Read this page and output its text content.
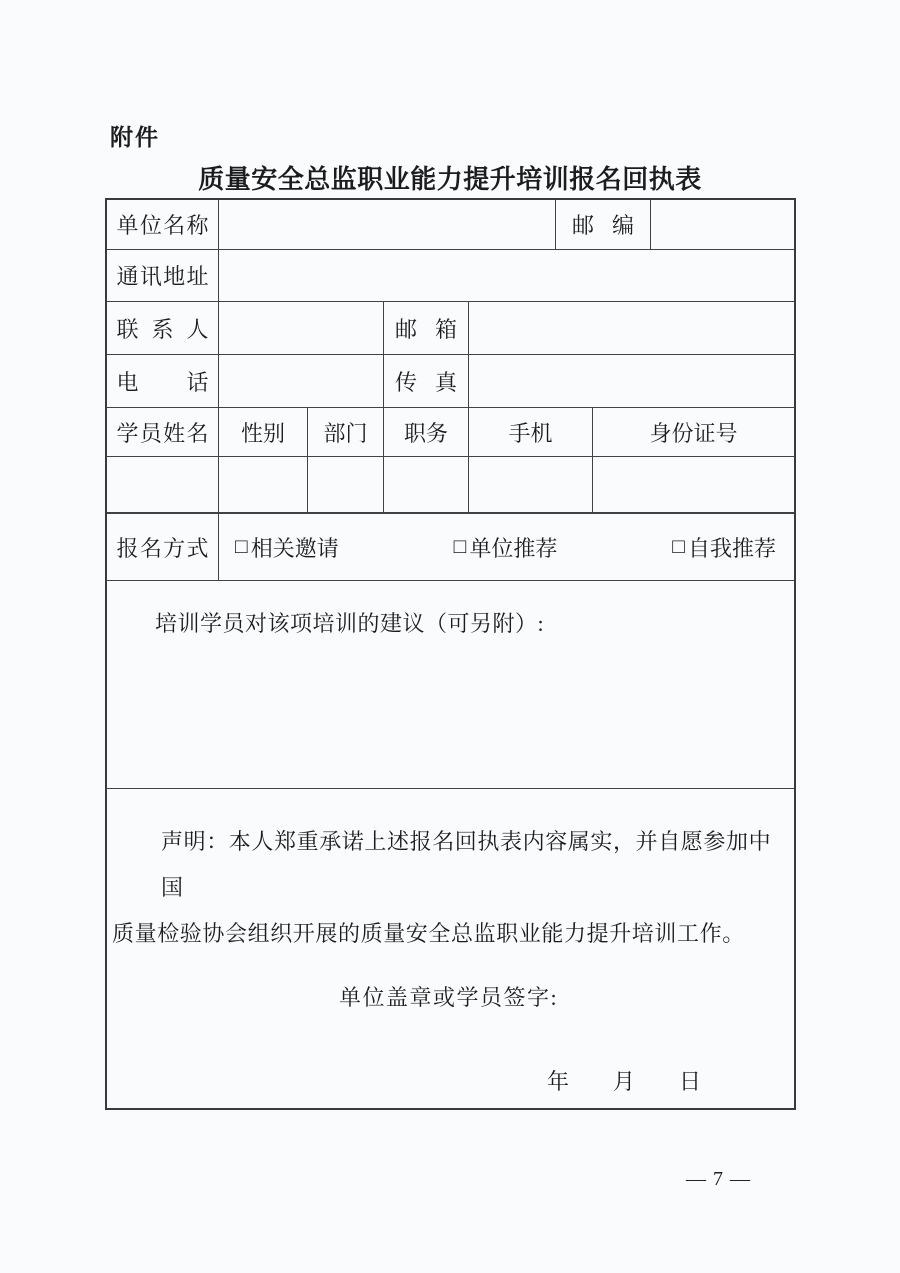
附件
质量安全总监职业能力提升培训报名回执表
单位名称	邮编
通讯地址
联系人	邮箱
电话	传真
学员姓名	性别	部门	职务	手机	身份证号
报名方式 □ 相关邀请	□ 单位推荐	□ 自我推荐
培训学员对该项培训的建议（可另附）:
声明：本人郑重承诺上述报名回执表内容属实，并自愿参加中国
质量检验协会组织开展的质量安全总监职业能力提升培训工作。
单位盖章或学员签字:
年　　月　　日
— 7 —
